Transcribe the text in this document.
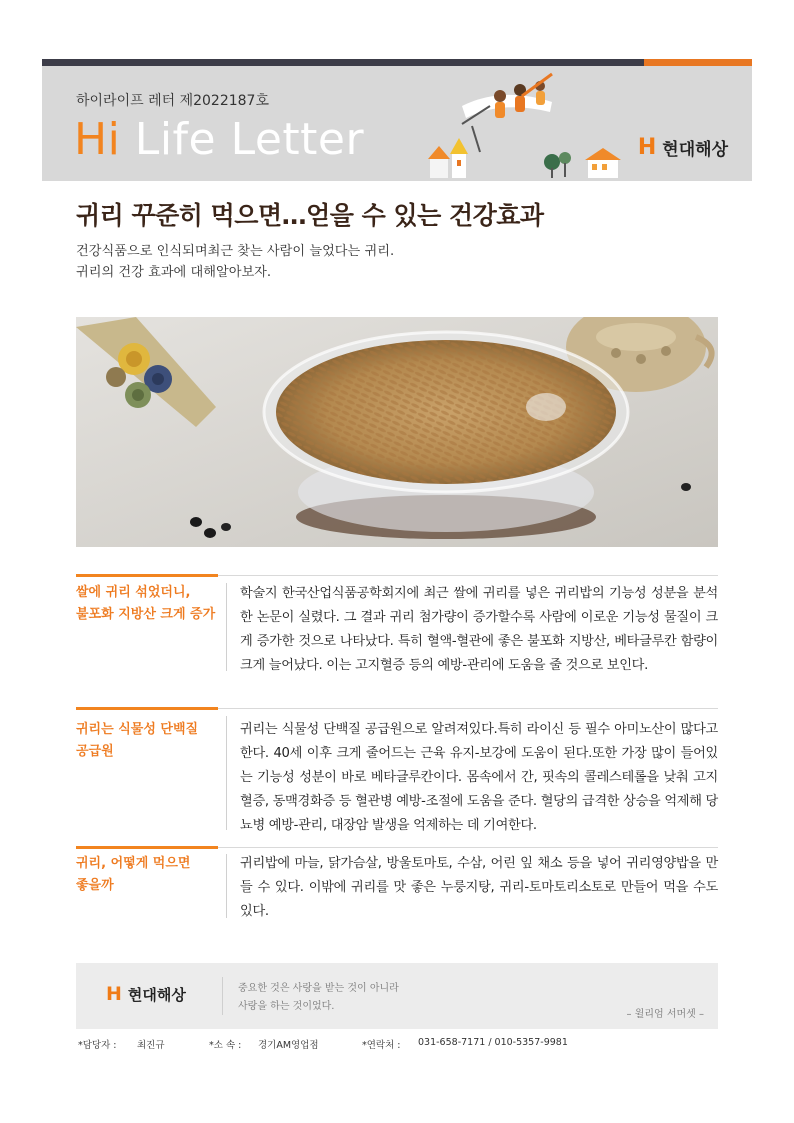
하이라이프 레터 제2022187호
Hi Life Letter	H 현대해상
귀리 꾸준히 먹으면…얻을 수 있는 건강효과
건강식품으로 인식되며최근 찾는 사람이 늘었다는 귀리.
귀리의 건강 효과에 대해알아보자.
쌀에 귀리 섞었더니,
불포화 지방산 크게 증가
학술지 한국산업식품공학회지에 최근 쌀에 귀리를 넣은 귀리밥의 기능성 성분을 분석한 논문이 실렸다. 그 결과 귀리 첨가량이 증가할수록 사람에 이로운 기능성 물질이 크게 증가한 것으로 나타났다. 특히 혈액-혈관에 좋은 불포화 지방산, 베타글루칸 함량이 크게 늘어났다. 이는 고지혈증 등의 예방-관리에 도움을 줄 것으로 보인다.
귀리는 식물성 단백질
공급원
귀리는 식물성 단백질 공급원으로 알려져있다.특히 라이신 등 필수 아미노산이 많다고 한다. 40세 이후 크게 줄어드는 근육 유지-보강에 도움이 된다.또한 가장 많이 들어있는 기능성 성분이 바로 베타글루칸이다. 몸속에서 간, 핏속의 콜레스테롤을 낮춰 고지혈증, 동맥경화증 등 혈관병 예방-조절에 도움을 준다. 혈당의 급격한 상승을 억제해 당뇨병 예방-관리, 대장암 발생을 억제하는 데 기여한다.
귀리, 어떻게 먹으면
좋을까
귀리밥에 마늘, 닭가슴살, 방울토마토, 수삼, 어린 잎 채소 등을 넣어 귀리영양밥을 만들 수 있다. 이밖에 귀리를 맛 좋은 누룽지탕, 귀리-토마토리소토로 만들어 먹을 수도 있다.
H 현대해상	중요한 것은 사랑을 받는 것이 아니라
사랑을 하는 것이었다.
– 윌리엄 서머셋 –
*담당자 : 최진규	*소 속 : 경기AM영업점	*연락처 : 031-658-7171 / 010-5357-9981
